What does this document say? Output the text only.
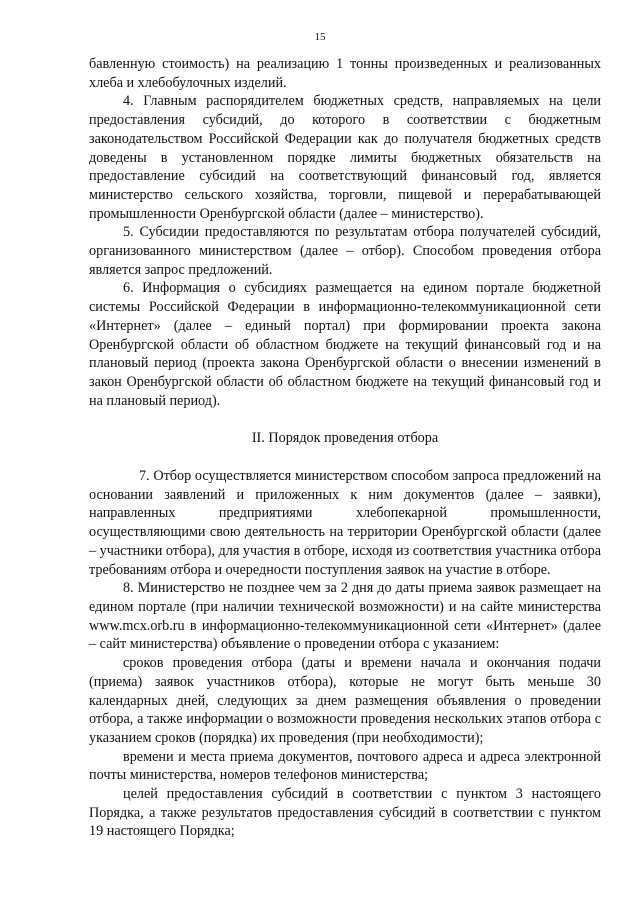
15

бавленную стоимость) на реализацию 1 тонны произведенных и реализованных хлеба и хлебобулочных изделий.

4. Главным распорядителем бюджетных средств, направляемых на цели предоставления субсидий, до которого в соответствии с бюджетным законодательством Российской Федерации как до получателя бюджетных средств доведены в установленном порядке лимиты бюджетных обязательств на предоставление субсидий на соответствующий финансовый год, является министерство сельского хозяйства, торговли, пищевой и перерабатывающей промышленности Оренбургской области (далее – министерство).

5. Субсидии предоставляются по результатам отбора получателей субсидий, организованного министерством (далее – отбор). Способом проведения отбора является запрос предложений.

6. Информация о субсидиях размещается на едином портале бюджетной системы Российской Федерации в информационно-телекоммуникационной сети «Интернет» (далее – единый портал) при формировании проекта закона Оренбургской области об областном бюджете на текущий финансовый год и на плановый период (проекта закона Оренбургской области о внесении изменений в закон Оренбургской области об областном бюджете на текущий финансовый год и на плановый период).

II. Порядок проведения отбора

7. Отбор осуществляется министерством способом запроса предложений на основании заявлений и приложенных к ним документов (далее – заявки), направленных предприятиями хлебопекарной промышленности, осуществляющими свою деятельность на территории Оренбургской области (далее – участники отбора), для участия в отборе, исходя из соответствия участника отбора требованиям отбора и очередности поступления заявок на участие в отборе.

8. Министерство не позднее чем за 2 дня до даты приема заявок размещает на едином портале (при наличии технической возможности) и на сайте министерства www.mcx.orb.ru в информационно-телекоммуникационной сети «Интернет» (далее – сайт министерства) объявление о проведении отбора с указанием:

сроков проведения отбора (даты и времени начала и окончания подачи (приема) заявок участников отбора), которые не могут быть меньше 30 календарных дней, следующих за днем размещения объявления о проведении отбора, а также информации о возможности проведения нескольких этапов отбора с указанием сроков (порядка) их проведения (при необходимости);

времени и места приема документов, почтового адреса и адреса электронной почты министерства, номеров телефонов министерства;

целей предоставления субсидий в соответствии с пунктом 3 настоящего Порядка, а также результатов предоставления субсидий в соответствии с пунктом 19 настоящего Порядка;
